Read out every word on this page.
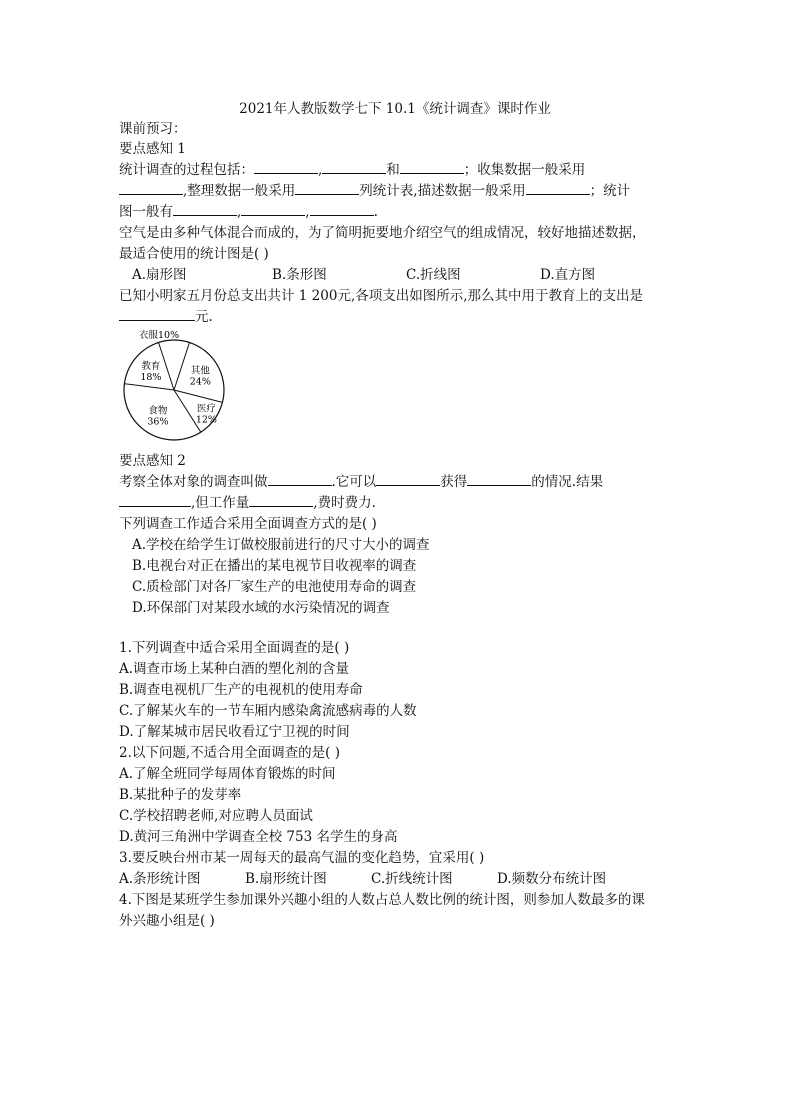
2021年人教版数学七下 10.1《统计调查》课时作业
课前预习：
要点感知 1
统计调查的过程包括：	,	和	；收集数据一般采用
,整理数据一般采用	列统计表,描述数据一般采用	；统计
图一般有	,	,	.
空气是由多种气体混合而成的，为了简明扼要地介绍空气的组成情况，较好地描述数据，
最适合使用的统计图是( )
A.扇形图	B.条形图	C.折线图	D.直方图
已知小明家五月份总支出共计 1 200元,各项支出如图所示,那么其中用于教育上的支出是
元.
衣服10%
其他
24%
医疗
12%
食物
36%
教育
18%
要点感知 2
考察全体对象的调查叫做	.它可以	获得	的情况.结果
,但工作量	,费时费力.
下列调查工作适合采用全面调查方式的是( )
A.学校在给学生订做校服前进行的尺寸大小的调查
B.电视台对正在播出的某电视节目收视率的调查
C.质检部门对各厂家生产的电池使用寿命的调查
D.环保部门对某段水域的水污染情况的调查
1.下列调查中适合采用全面调查的是( )
A.调查市场上某种白酒的塑化剂的含量
B.调查电视机厂生产的电视机的使用寿命
C.了解某火车的一节车厢内感染禽流感病毒的人数
D.了解某城市居民收看辽宁卫视的时间
2.以下问题,不适合用全面调查的是( )
A.了解全班同学每周体育锻炼的时间
B.某批种子的发芽率
C.学校招聘老师,对应聘人员面试
D.黄河三角洲中学调查全校 753 名学生的身高
3.要反映台州市某一周每天的最高气温的变化趋势，宜采用( )
A.条形统计图	B.扇形统计图	C.折线统计图	D.频数分布统计图
4.下图是某班学生参加课外兴趣小组的人数占总人数比例的统计图，则参加人数最多的课
外兴趣小组是( )
